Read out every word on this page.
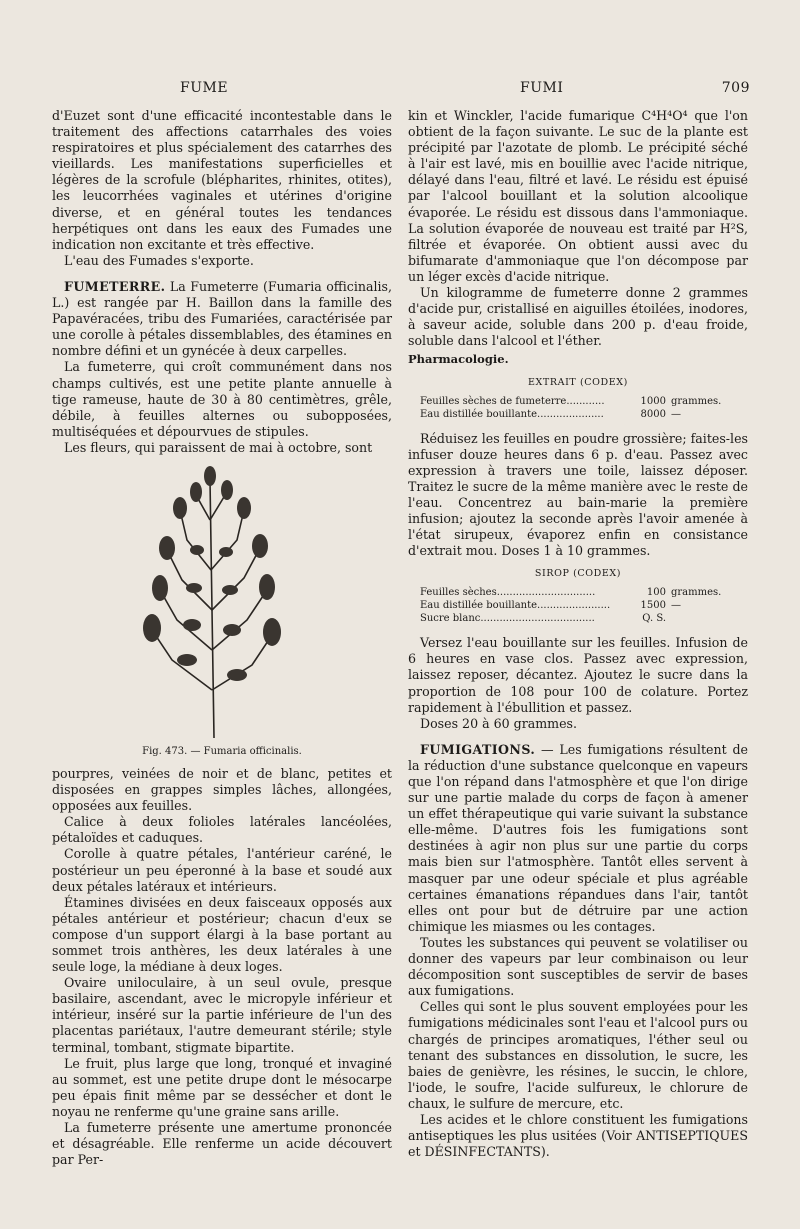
FUME	FUMI	709

d'Euzet sont d'une efficacité incontestable dans le traitement des affections catarrhales des voies respiratoires et plus spécialement des catarrhes des vieillards. Les manifestations superficielles et légères de la scrofule (blépharites, rhinites, otites), les leucorrhées vaginales et utérines d'origine diverse, et en général toutes les tendances herpétiques ont dans les eaux des Fumades une indication non excitante et très effective.

L'eau des Fumades s'exporte.

FUMETERRE. La Fumeterre (Fumaria officinalis, L.) est rangée par H. Baillon dans la famille des Papavéracées, tribu des Fumariées, caractérisée par une corolle à pétales dissemblables, des étamines en nombre défini et un gynécée à deux carpelles.

La fumeterre, qui croît communément dans nos champs cultivés, est une petite plante annuelle à tige rameuse, haute de 30 à 80 centimètres, grêle, débile, à feuilles alternes ou subopposées, multiséquées et dépourvues de stipules.

Les fleurs, qui paraissent de mai à octobre, sont

Fig. 473. — Fumaria officinalis.

pourpres, veinées de noir et de blanc, petites et disposées en grappes simples lâches, allongées, opposées aux feuilles.

Calice à deux folioles latérales lancéolées, pétaloïdes et caduques.

Corolle à quatre pétales, l'antérieur caréné, le postérieur un peu éperonné à la base et soudé aux deux pétales latéraux et intérieurs.

Étamines divisées en deux faisceaux opposés aux pétales antérieur et postérieur; chacun d'eux se compose d'un support élargi à la base portant au sommet trois anthères, les deux latérales à une seule loge, la médiane à deux loges.

Ovaire uniloculaire, à un seul ovule, presque basilaire, ascendant, avec le micropyle inférieur et intérieur, inséré sur la partie inférieure de l'un des placentas pariétaux, l'autre demeurant stérile; style terminal, tombant, stigmate bipartite.

Le fruit, plus large que long, tronqué et invaginé au sommet, est une petite drupe dont le mésocarpe peu épais finit même par se dessécher et dont le noyau ne renferme qu'une graine sans arille.

La fumeterre présente une amertume prononcée et désagréable. Elle renferme un acide découvert par Per-

kin et Winckler, l'acide fumarique C⁴H⁴O⁴ que l'on obtient de la façon suivante. Le suc de la plante est précipité par l'azotate de plomb. Le précipité séché à l'air est lavé, mis en bouillie avec l'acide nitrique, délayé dans l'eau, filtré et lavé. Le résidu est épuisé par l'alcool bouillant et la solution alcoolique évaporée. Le résidu est dissous dans l'ammoniaque. La solution évaporée de nouveau est traité par H²S, filtrée et évaporée. On obtient aussi avec du bifumarate d'ammoniaque que l'on décompose par un léger excès d'acide nitrique.

Un kilogramme de fumeterre donne 2 grammes d'acide pur, cristallisé en aiguilles étoilées, inodores, à saveur acide, soluble dans 200 p. d'eau froide, soluble dans l'alcool et l'éther.

Pharmacologie.
EXTRAIT (CODEX)
Feuilles sèches de fumeterre............	1000 grammes.
Eau distillée bouillante.....................	8000 —

Réduisez les feuilles en poudre grossière; faites-les infuser douze heures dans 6 p. d'eau. Passez avec expression à travers une toile, laissez déposer. Traitez le sucre de la même manière avec le reste de l'eau. Concentrez au bain-marie la première infusion; ajoutez la seconde après l'avoir amenée à l'état sirupeux, évaporez enfin en consistance d'extrait mou. Doses 1 à 10 grammes.

SIROP (CODEX)
Feuilles sèches...............................	100 grammes.
Eau distillée bouillante.......................	1500 —
Sucre blanc....................................	Q. S.

Versez l'eau bouillante sur les feuilles. Infusion de 6 heures en vase clos. Passez avec expression, laissez reposer, décantez. Ajoutez le sucre dans la proportion de 108 pour 100 de colature. Portez rapidement à l'ébullition et passez.

Doses 20 à 60 grammes.

FUMIGATIONS. — Les fumigations résultent de la réduction d'une substance quelconque en vapeurs que l'on répand dans l'atmosphère et que l'on dirige sur une partie malade du corps de façon à amener un effet thérapeutique qui varie suivant la substance elle-même. D'autres fois les fumigations sont destinées à agir non plus sur une partie du corps mais bien sur l'atmosphère. Tantôt elles servent à masquer par une odeur spéciale et plus agréable certaines émanations répandues dans l'air, tantôt elles ont pour but de détruire par une action chimique les miasmes ou les contages.

Toutes les substances qui peuvent se volatiliser ou donner des vapeurs par leur combinaison ou leur décomposition sont susceptibles de servir de bases aux fumigations.

Celles qui sont le plus souvent employées pour les fumigations médicinales sont l'eau et l'alcool purs ou chargés de principes aromatiques, l'éther seul ou tenant des substances en dissolution, le sucre, les baies de genièvre, les résines, le succin, le chlore, l'iode, le soufre, l'acide sulfureux, le chlorure de chaux, le sulfure de mercure, etc.

Les acides et le chlore constituent les fumigations antiseptiques les plus usitées (Voir ANTISEPTIQUES et DÉSINFECTANTS).
